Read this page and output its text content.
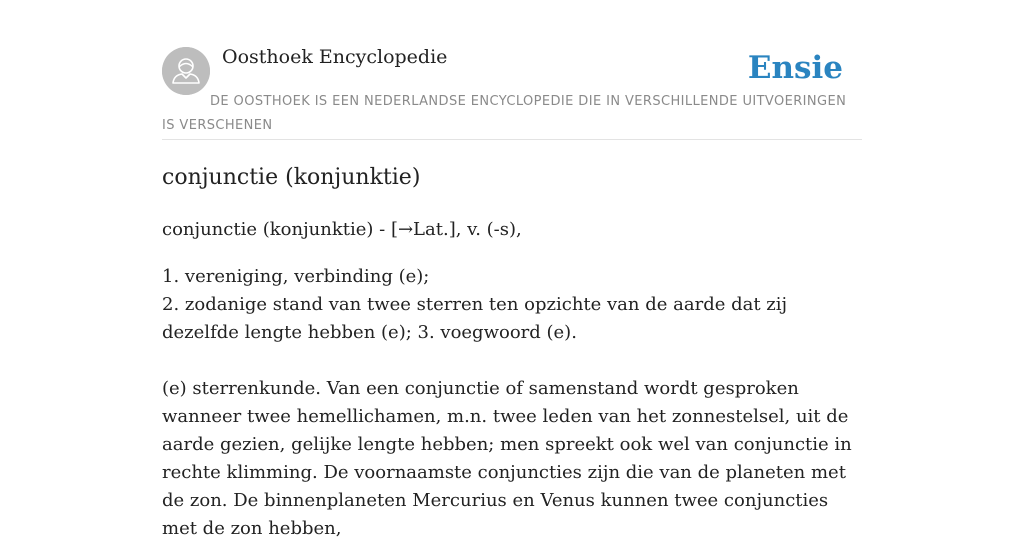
Oosthoek Encyclopedie	Ensie
DE OOSTHOEK IS EEN NEDERLANDSE ENCYCLOPEDIE DIE IN VERSCHILLENDE UITVOERINGEN IS VERSCHENEN
conjunctie (konjunktie)

conjunctie (konjunktie) - [→Lat.], v. (-s),

1. vereniging, verbinding (e);

2. zodanige stand van twee sterren ten opzichte van de aarde dat zij dezelfde lengte hebben (e); 3. voegwoord (e).

(e) sterrenkunde. Van een conjunctie of samenstand wordt gesproken wanneer twee hemellichamen, m.n. twee leden van het zonnestelsel, uit de aarde gezien, gelijke lengte hebben; men spreekt ook wel van conjunctie in rechte klimming. De voornaamste conjuncties zijn die van de planeten met de zon. De binnenplaneten Mercurius en Venus kunnen twee conjuncties met de zon hebben,
